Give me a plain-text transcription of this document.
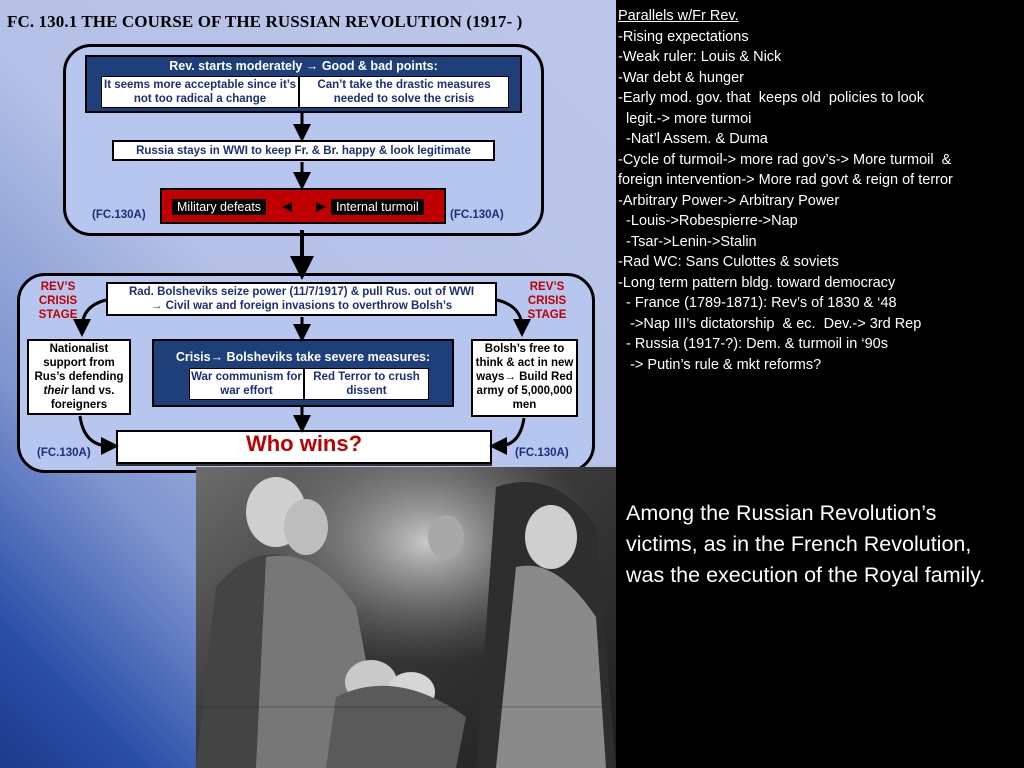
FC. 130.1 THE COURSE OF THE RUSSIAN REVOLUTION (1917- )
Rev. starts moderately → Good & bad points:
It seems more acceptable since it’s not too radical a change
Can’t take the drastic measures needed to solve the crisis
Russia stays in WWI to keep Fr. & Br. happy & look legitimate
Military defeats	Internal turmoil
(FC.130A)	(FC.130A)
Rad. Bolsheviks seize power (11/7/1917) & pull Rus. out of WWI
→ Civil war and foreign invasions to overthrow Bolsh’s
REV’S CRISIS STAGE
REV’S CRISIS STAGE
Nationalist support from Rus’s defending their land vs. foreigners
Crisis→ Bolsheviks take severe measures:
War communism for war effort
Red Terror to crush dissent
Bolsh’s free to think & act in new ways→ Build Red army of 5,000,000 men
Who wins?
(FC.130A)	(FC.130A)
Parallels w/Fr Rev.
-Rising expectations
-Weak ruler: Louis & Nick
-War debt & hunger
-Early mod. gov. that  keeps old  policies to look
legit.-> more turmoi
-Nat’l Assem. & Duma
-Cycle of turmoil-> more rad gov’s-> More turmoil  &
foreign intervention-> More rad govt & reign of terror
-Arbitrary Power-> Arbitrary Power
-Louis->Robespierre->Nap
-Tsar->Lenin->Stalin
-Rad WC: Sans Culottes & soviets
-Long term pattern bldg. toward democracy
- France (1789-1871): Rev’s of 1830 & ‘48
->Nap III’s dictatorship  & ec.  Dev.-> 3rd Rep
- Russia (1917-?): Dem. & turmoil in ‘90s
-> Putin’s rule & mkt reforms?
Among the Russian Revolution’s victims, as in the French Revolution, was the execution of the Royal family.
